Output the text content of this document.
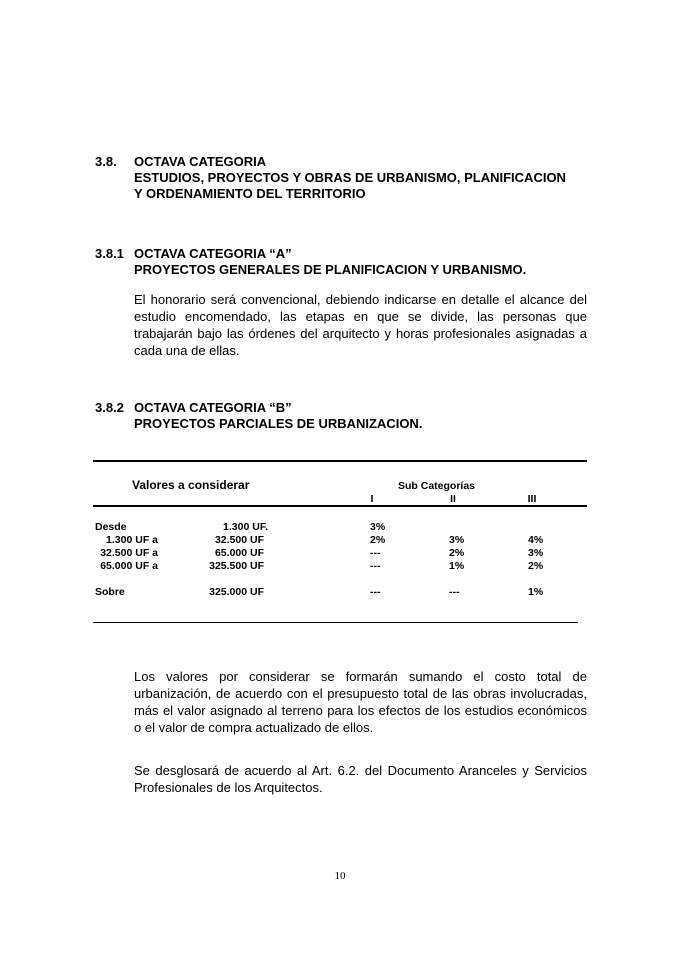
3.8. OCTAVA CATEGORIA
ESTUDIOS, PROYECTOS Y OBRAS DE URBANISMO, PLANIFICACION
Y ORDENAMIENTO DEL TERRITORIO
3.8.1 OCTAVA CATEGORIA “A”
PROYECTOS GENERALES DE PLANIFICACION Y URBANISMO.
El honorario será convencional, debiendo indicarse en detalle el alcance del estudio encomendado, las etapas en que se divide, las personas que trabajarán bajo las órdenes del arquitecto y horas profesionales asignadas a cada una de ellas.
3.8.2 OCTAVA CATEGORIA “B”
PROYECTOS PARCIALES DE URBANIZACION.
Valores a considerar	Sub Categorías
I	II	III
Desde	1.300 UF.	3%
1.300 UF a	32.500 UF	2%	3%	4%
32.500 UF a	65.000 UF	---	2%	3%
65.000 UF a	325.500 UF	---	1%	2%
Sobre	325.000 UF	---	---	1%
Los valores por considerar se formarán sumando el costo total de urbanización, de acuerdo con el presupuesto total de las obras involucradas, más el valor asignado al terreno para los efectos de los estudios económicos o el valor de compra actualizado de ellos.
Se desglosará de acuerdo al Art. 6.2. del Documento Aranceles y Servicios Profesionales de los Arquitectos.
10
